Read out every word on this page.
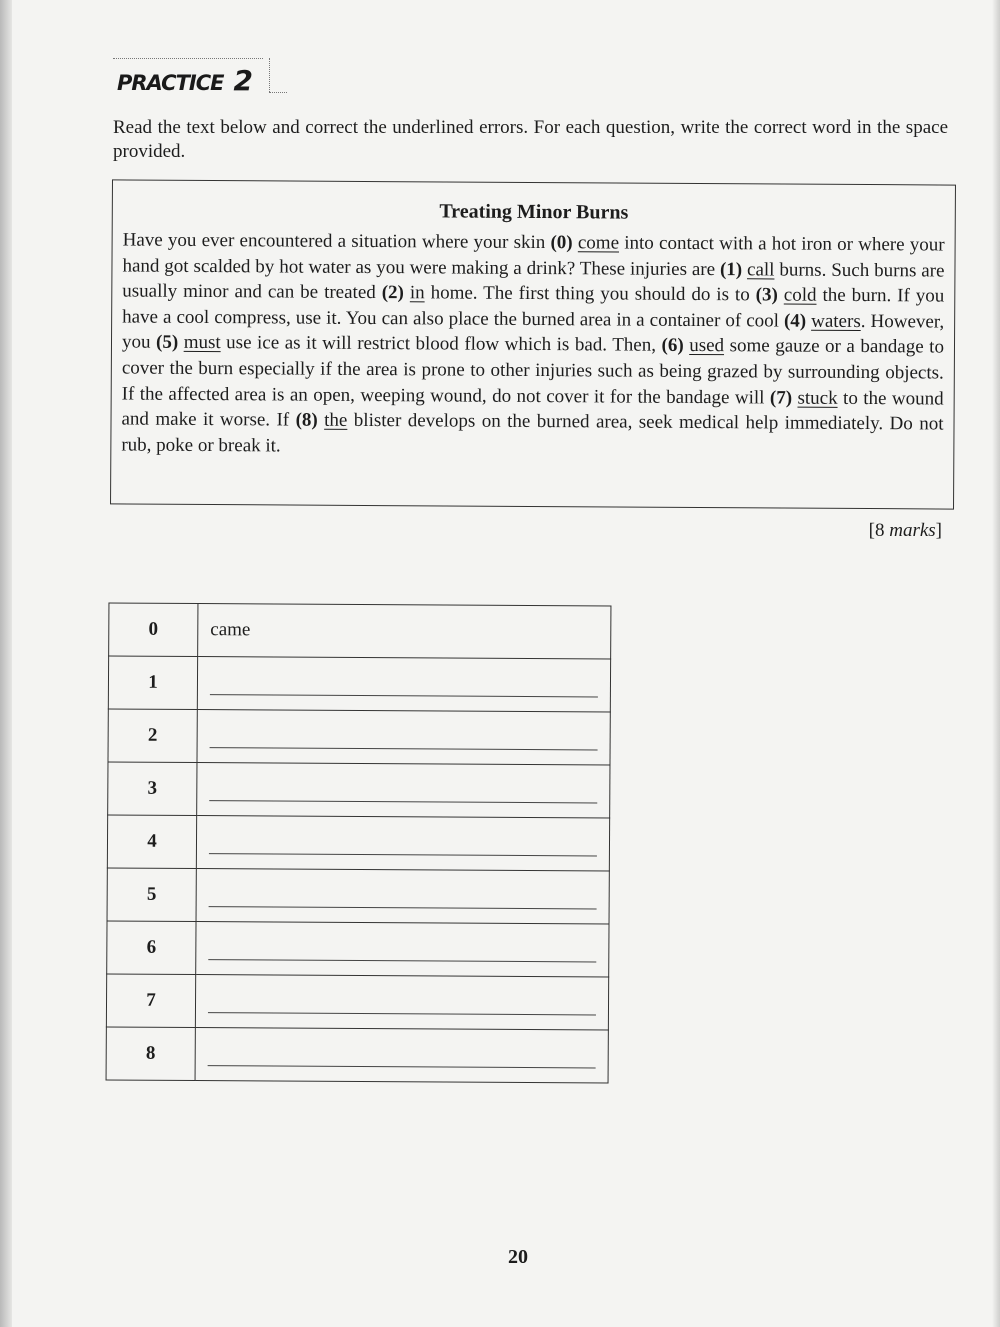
PRACTICE 2
Read the text below and correct the underlined errors. For each question, write the correct word in the space provided.
Treating Minor Burns
Have you ever encountered a situation where your skin (0) come into contact with a hot iron or where your hand got scalded by hot water as you were making a drink? These injuries are (1) call burns. Such burns are usually minor and can be treated (2) in home. The first thing you should do is to (3) cold the burn. If you have a cool compress, use it. You can also place the burned area in a container of cool (4) waters. However, you (5) must use ice as it will restrict blood flow which is bad. Then, (6) used some gauze or a bandage to cover the burn especially if the area is prone to other injuries such as being grazed by surrounding objects. If the affected area is an open, weeping wound, do not cover it for the bandage will (7) stuck to the wound and make it worse. If (8) the blister develops on the burned area, seek medical help immediately. Do not rub, poke or break it.
[8 marks]
0	came
1	

2	

3	

4	

5	

6	

7	

8	
20
